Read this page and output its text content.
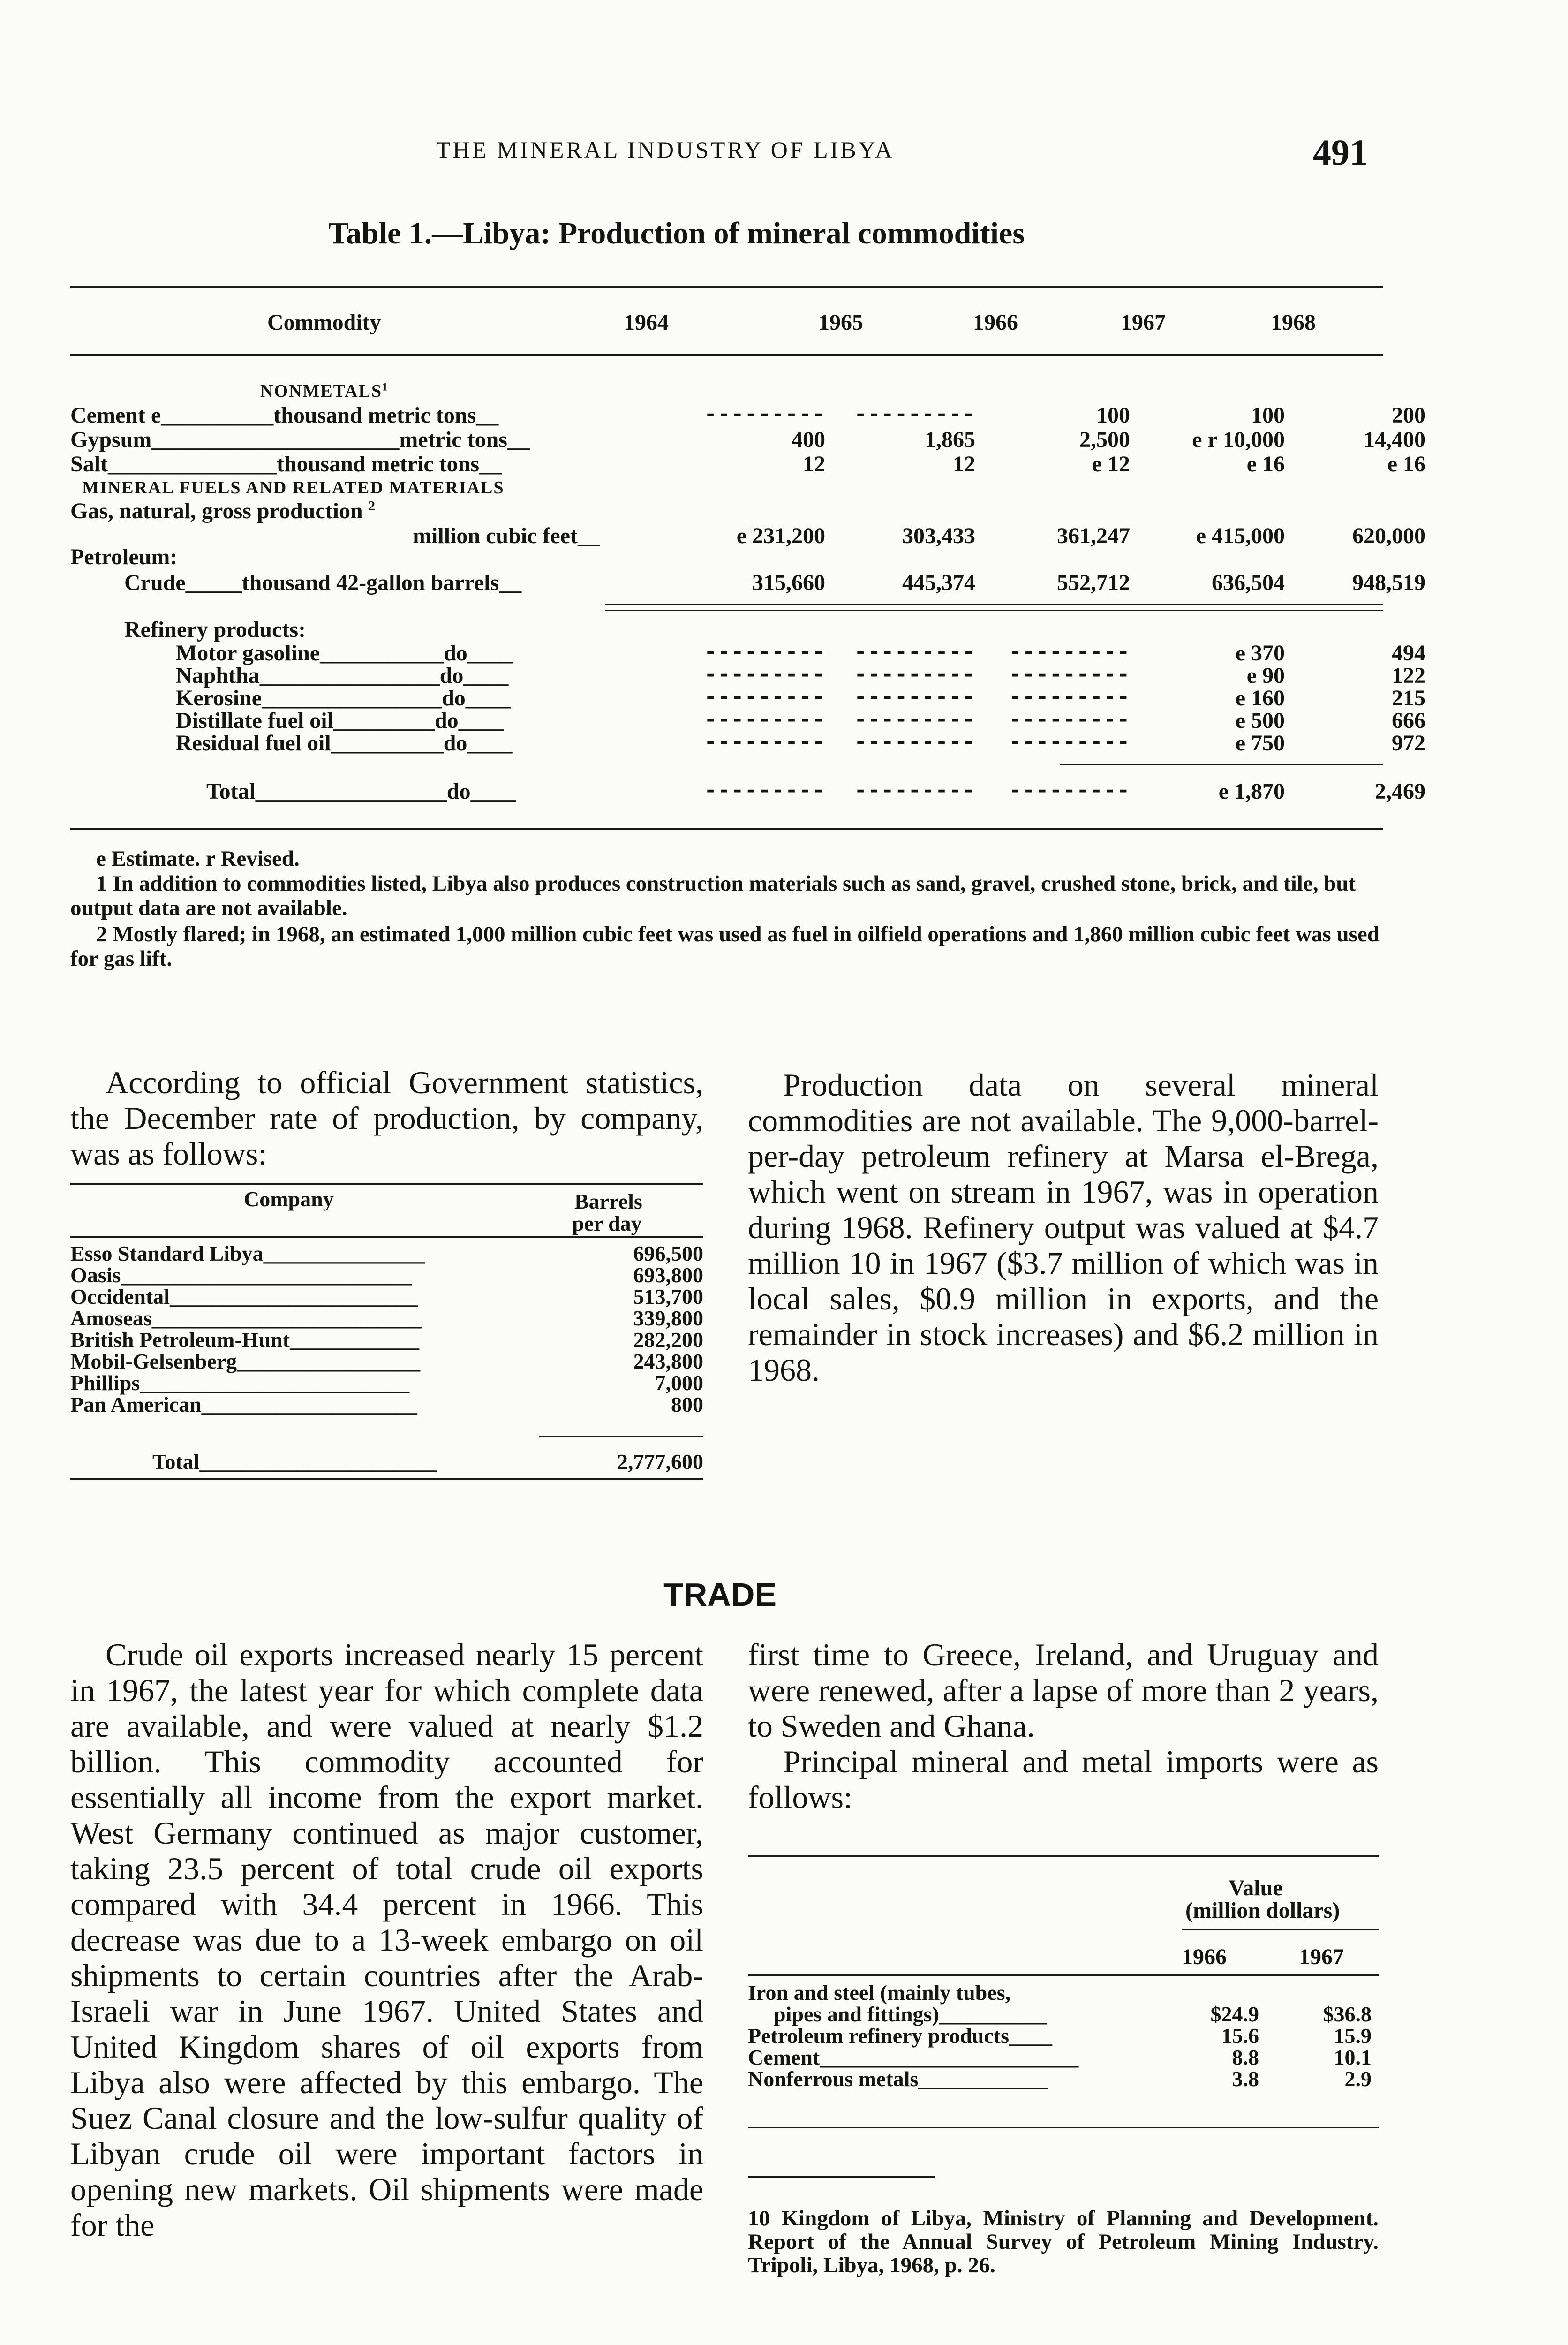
THE MINERAL INDUSTRY OF LIBYA	491
Table 1.—Libya: Production of mineral commodities
Commodity	1964	1965	1966	1967	1968
NONMETALS$^1$
Cement e__________thousand metric tons__	---------	---------	100	100	200
Gypsum______________________metric tons__	400	1,865	2,500	e r 10,000	14,400
Salt_______________thousand metric tons__	12	12	e 12	e 16	e 16
MINERAL FUELS AND RELATED MATERIALS
Gas, natural, gross production $^2$
million cubic feet__	e 231,200	303,433	361,247	e 415,000	620,000
Petroleum:
Crude_____thousand 42-gallon barrels__	315,660	445,374	552,712	636,504	948,519
Refinery products:
Motor gasoline___________do____	---------	---------	---------	e 370	494
Naphtha________________do____	---------	---------	---------	e 90	122
Kerosine________________do____	---------	---------	---------	e 160	215
Distillate fuel oil_________do____	---------	---------	---------	e 500	666
Residual fuel oil__________do____	---------	---------	---------	e 750	972
Total_________________do____	---------	---------	---------	e 1,870	2,469
e Estimate. r Revised.
1 In addition to commodities listed, Libya also produces construction materials such as sand, gravel, crushed stone, brick, and tile, but output data are not available.
2 Mostly flared; in 1968, an estimated 1,000 million cubic feet was used as fuel in oilfield operations and 1,860 million cubic feet was used for gas lift.
According to official Government statistics, the December rate of production, by company, was as follows:
Company	Barrels
per day
Esso Standard Libya_______________	696,500
Oasis___________________________	693,800
Occidental_______________________	513,700
Amoseas_________________________	339,800
British Petroleum-Hunt____________	282,200
Mobil-Gelsenberg_________________	243,800
Phillips_________________________	7,000
Pan American____________________	800
Total______________________	2,777,600
Production data on several mineral commodities are not available. The 9,000-barrel-per-day petroleum refinery at Marsa el-Brega, which went on stream in 1967, was in operation during 1968. Refinery output was valued at $4.7 million 10 in 1967 ($3.7 million of which was in local sales, $0.9 million in exports, and the remainder in stock increases) and $6.2 million in 1968.
TRADE
Crude oil exports increased nearly 15 percent in 1967, the latest year for which complete data are available, and were valued at nearly $1.2 billion. This commodity accounted for essentially all income from the export market. West Germany continued as major customer, taking 23.5 percent of total crude oil exports compared with 34.4 percent in 1966. This decrease was due to a 13-week embargo on oil shipments to certain countries after the Arab-Israeli war in June 1967. United States and United Kingdom shares of oil exports from Libya also were affected by this embargo. The Suez Canal closure and the low-sulfur quality of Libyan crude oil were important factors in opening new markets. Oil shipments were made for the
first time to Greece, Ireland, and Uruguay and were renewed, after a lapse of more than 2 years, to Sweden and Ghana.
Principal mineral and metal imports were as follows:
Value
(million dollars)
1966	1967
Iron and steel (mainly tubes,
pipes and fittings)__________	$24.9	$36.8
Petroleum refinery products____	15.6	15.9
Cement________________________	8.8	10.1
Nonferrous metals____________	3.8	2.9
10 Kingdom of Libya, Ministry of Planning and Development. Report of the Annual Survey of Petroleum Mining Industry. Tripoli, Libya, 1968, p. 26.
